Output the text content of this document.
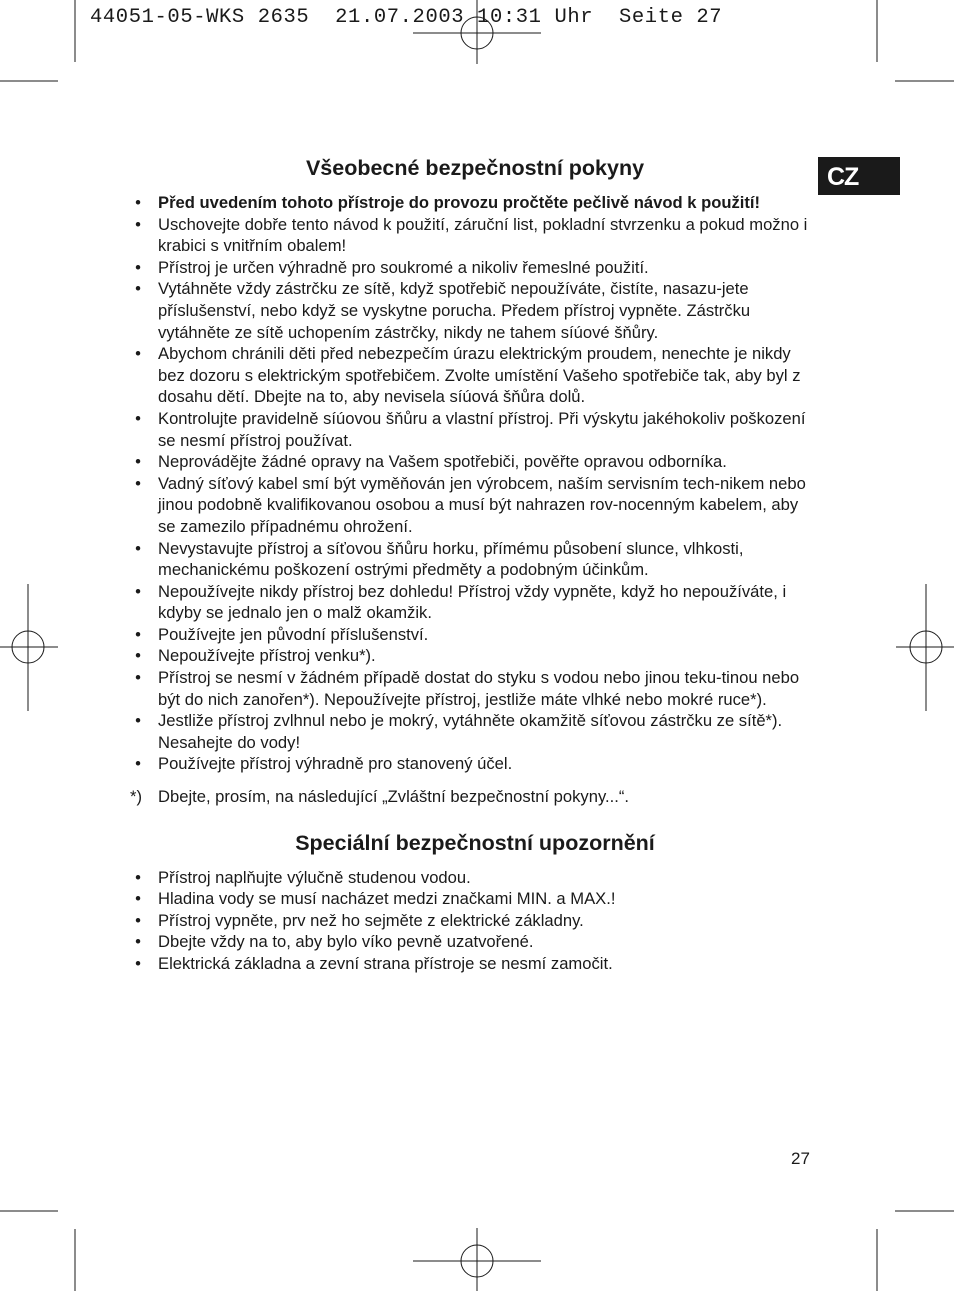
44051-05-WKS 2635  21.07.2003 10:31 Uhr  Seite 27
CZ
Všeobecné bezpečnostní pokyny
• Před uvedením tohoto přístroje do provozu pročtěte pečlivě návod k použití!
• Uschovejte dobře tento návod k použití, záruční list, pokladní stvrzenku a pokud možno i krabici s vnitřním obalem!
• Přístroj je určen výhradně pro soukromé a nikoliv řemeslné použití.
• Vytáhněte vždy zástrčku ze sítě, když spotřebič nepoužíváte, čistíte, nasazu-jete příslušenství, nebo když se vyskytne porucha. Předem přístroj vypněte. Zástrčku vytáhněte ze sítě uchopením zástrčky, nikdy ne tahem síúové šňůry.
• Abychom chránili děti před nebezpečím úrazu elektrickým proudem, nenechte je nikdy bez dozoru s elektrickým spotřebičem. Zvolte umístění Vašeho spotřebiče tak, aby byl z dosahu dětí. Dbejte na to, aby nevisela síúová šňůra dolů.
• Kontrolujte pravidelně síúovou šňůru a vlastní přístroj. Při výskytu jakéhokoliv poškození se nesmí přístroj používat.
• Neprovádějte žádné opravy na Vašem spotřebiči, pověřte opravou odborníka.
• Vadný síťový kabel smí být vyměňován jen výrobcem, naším servisním tech-nikem nebo jinou podobně kvalifikovanou osobou a musí být nahrazen rov-nocenným kabelem, aby se zamezilo případnému ohrožení.
• Nevystavujte přístroj a síťovou šňůru horku, přímému působení slunce, vlhkosti, mechanickému poškození ostrými předměty a podobným účinkům.
• Nepoužívejte nikdy přístroj bez dohledu! Přístroj vždy vypněte, když ho nepoužíváte, i kdyby se jednalo jen o malž okamžik.
• Používejte jen původní příslušenství.
• Nepoužívejte přístroj venku*).
• Přístroj se nesmí v žádném případě dostat do styku s vodou nebo jinou teku-tinou nebo být do nich zanořen*). Nepoužívejte přístroj, jestliže máte vlhké nebo mokré ruce*).
• Jestliže přístroj zvlhnul nebo je mokrý, vytáhněte okamžitě síťovou zástrčku ze sítě*). Nesahejte do vody!
• Používejte přístroj výhradně pro stanovený účel.
*) Dbejte, prosím, na následující „Zvláštní bezpečnostní pokyny...“.
Speciální bezpečnostní upozornění
• Přístroj naplňujte výlučně studenou vodou.
• Hladina vody se musí nacházet medzi značkami MIN. a MAX.!
• Přístroj vypněte, prv než ho sejměte z elektrické základny.
• Dbejte vždy na to, aby bylo víko pevně uzatvořené.
• Elektrická základna a zevní strana přístroje se nesmí zamočit.
27
